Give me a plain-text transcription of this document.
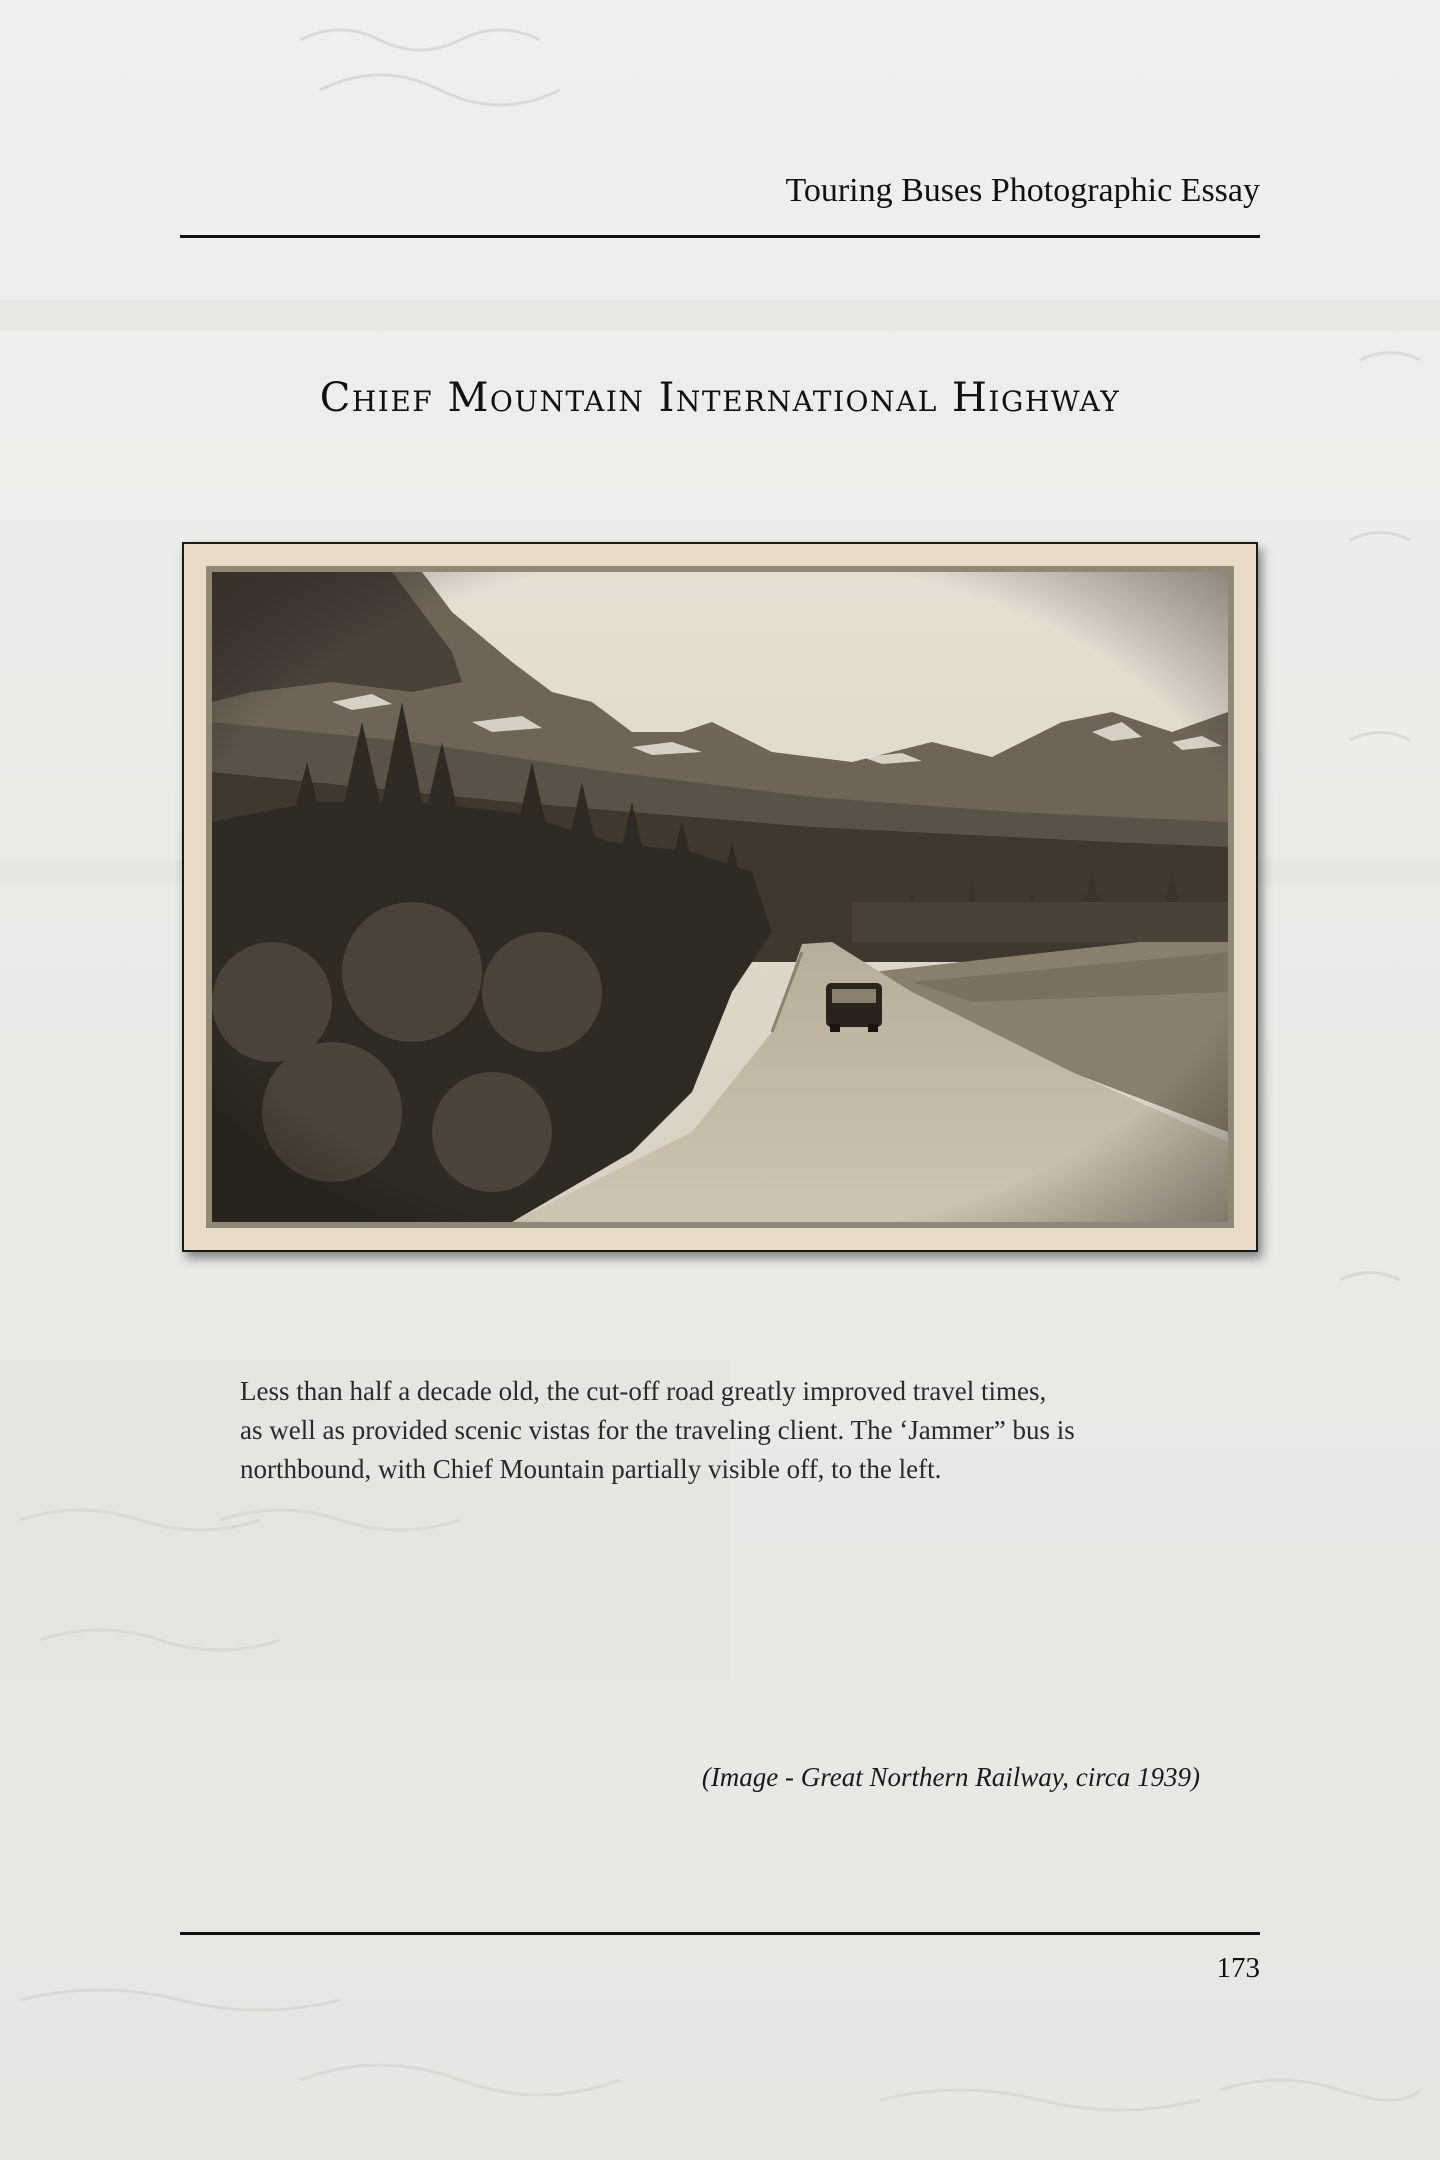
Touring Buses Photographic Essay
Chief Mountain International Highway

Less than half a decade old, the cut-off road greatly improved travel times,

as well as provided scenic vistas for the traveling client. The ‘Jammer” bus is

northbound, with Chief Mountain partially visible off, to the left.

(Image - Great Northern Railway, circa 1939)
173
